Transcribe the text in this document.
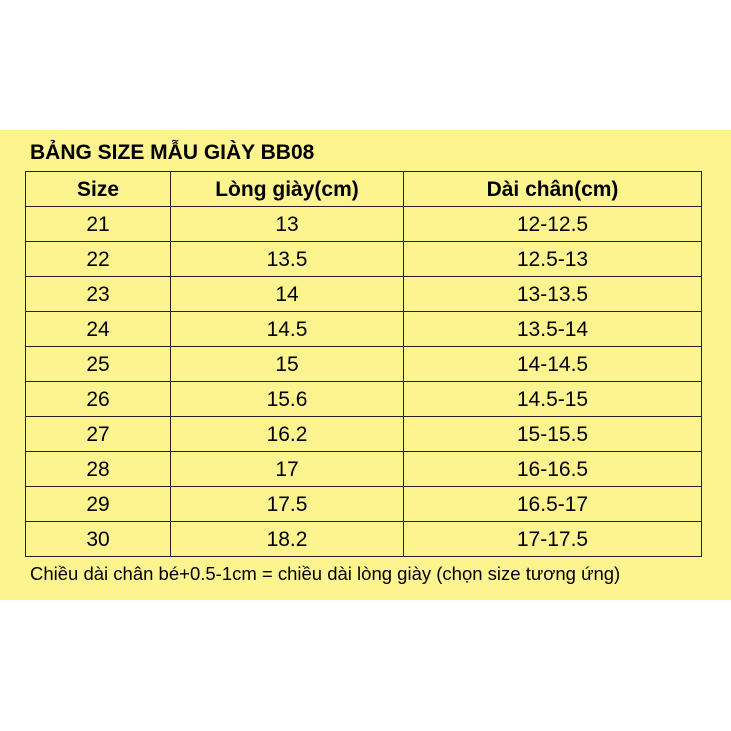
BẢNG SIZE MẪU GIÀY BB08
Size	Lòng giày(cm)	Dài chân(cm)
21	13	12-12.5
22	13.5	12.5-13
23	14	13-13.5
24	14.5	13.5-14
25	15	14-14.5
26	15.6	14.5-15
27	16.2	15-15.5
28	17	16-16.5
29	17.5	16.5-17
30	18.2	17-17.5
Chiều dài chân bé+0.5-1cm = chiều dài lòng giày (chọn size tương ứng)
